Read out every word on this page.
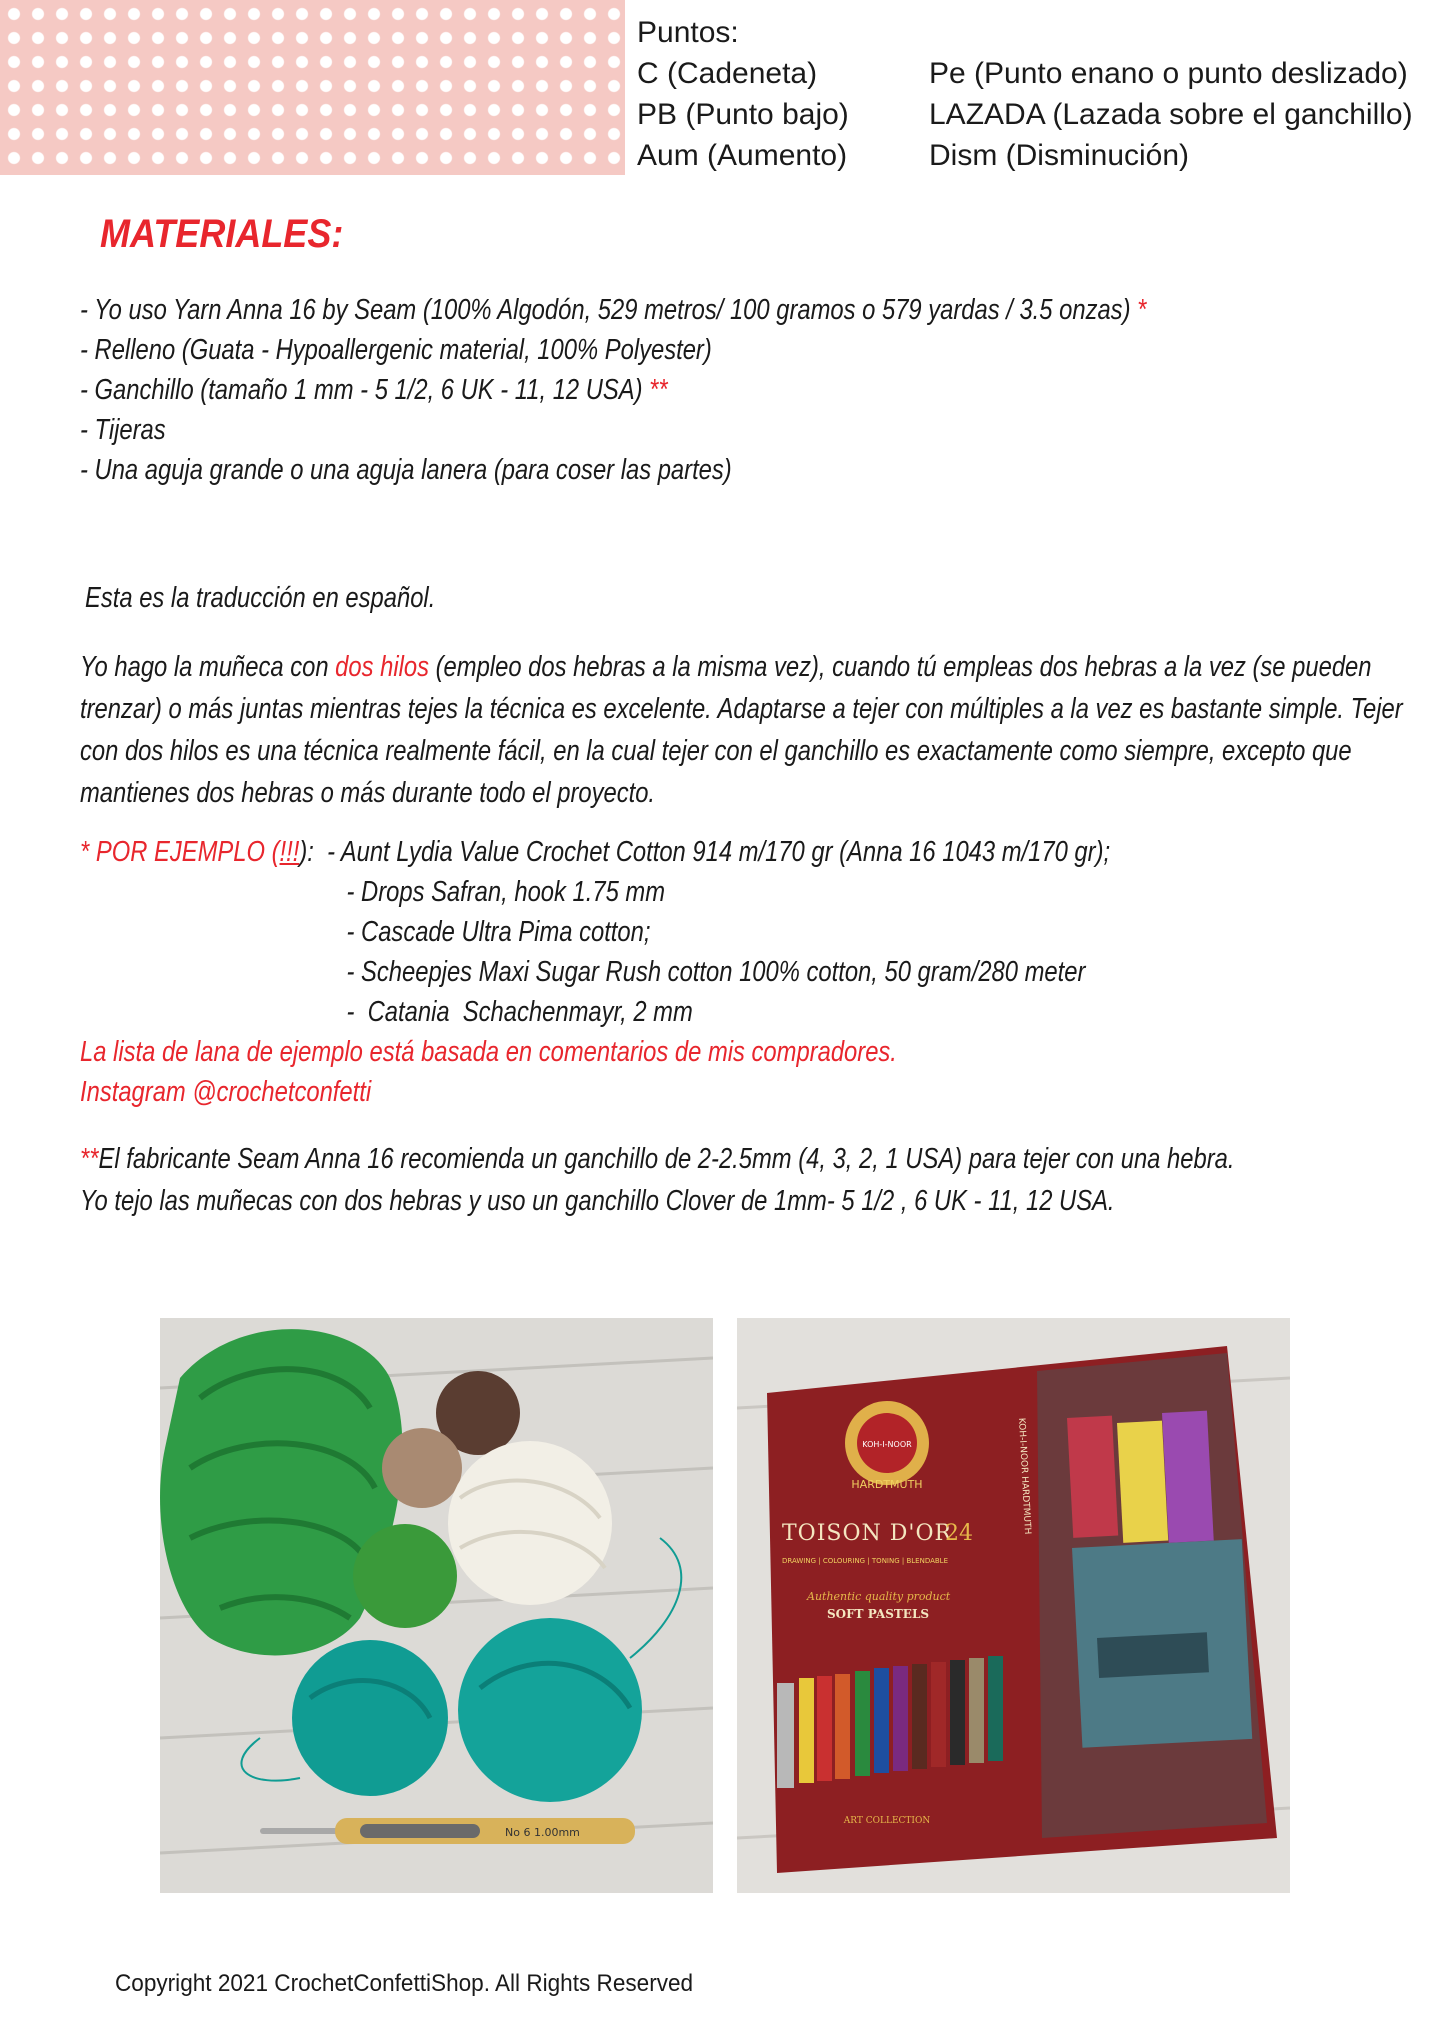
Puntos:
C (Cadeneta)	Pe (Punto enano o punto deslizado)
PB (Punto bajo)	LAZADA (Lazada sobre el ganchillo)
Aum (Aumento)	Dism (Disminución)
MATERIALES:
- Yo uso Yarn Anna 16 by Seam (100% Algodón, 529 metros/ 100 gramos o 579 yardas / 3.5 onzas) *
- Relleno (Guata - Hypoallergenic material, 100% Polyester)
- Ganchillo (tamaño 1 mm - 5 1/2, 6 UK - 11, 12 USA) **
- Tijeras
- Una aguja grande o una aguja lanera (para coser las partes)
Esta es la traducción en español.
Yo hago la muñeca con dos hilos (empleo dos hebras a la misma vez), cuando tú empleas dos hebras a la vez (se pueden trenzar) o más juntas mientras tejes la técnica es excelente. Adaptarse a tejer con múltiples a la vez es bastante simple. Tejer con dos hilos es una técnica realmente fácil, en la cual tejer con el ganchillo es exactamente como siempre, excepto que mantienes dos hebras o más durante todo el proyecto.
* POR EJEMPLO (!!!): - Aunt Lydia Value Crochet Cotton 914 m/170 gr (Anna 16 1043 m/170 gr);
- Drops Safran, hook 1.75 mm
- Cascade Ultra Pima cotton;
- Scheepjes Maxi Sugar Rush cotton 100% cotton, 50 gram/280 meter
-  Catania  Schachenmayr, 2 mm
La lista de lana de ejemplo está basada en comentarios de mis compradores.
Instagram @crochetconfetti
**El fabricante Seam Anna 16 recomienda un ganchillo de 2-2.5mm (4, 3, 2, 1 USA) para tejer con una hebra.
Yo tejo las muñecas con dos hebras y uso un ganchillo Clover de 1mm- 5 1/2 , 6 UK - 11, 12 USA.
No 6 1.00mm
KOH-I-NOOR
HARDTMUTH
TOISON D'OR
24
DRAWING | COLOURING | TONING | BLENDABLE
Authentic quality product
SOFT PASTELS
KOH-I-NOOR HARDTMUTH
ART COLLECTION
Copyright 2021 CrochetConfettiShop. All Rights Reserved
